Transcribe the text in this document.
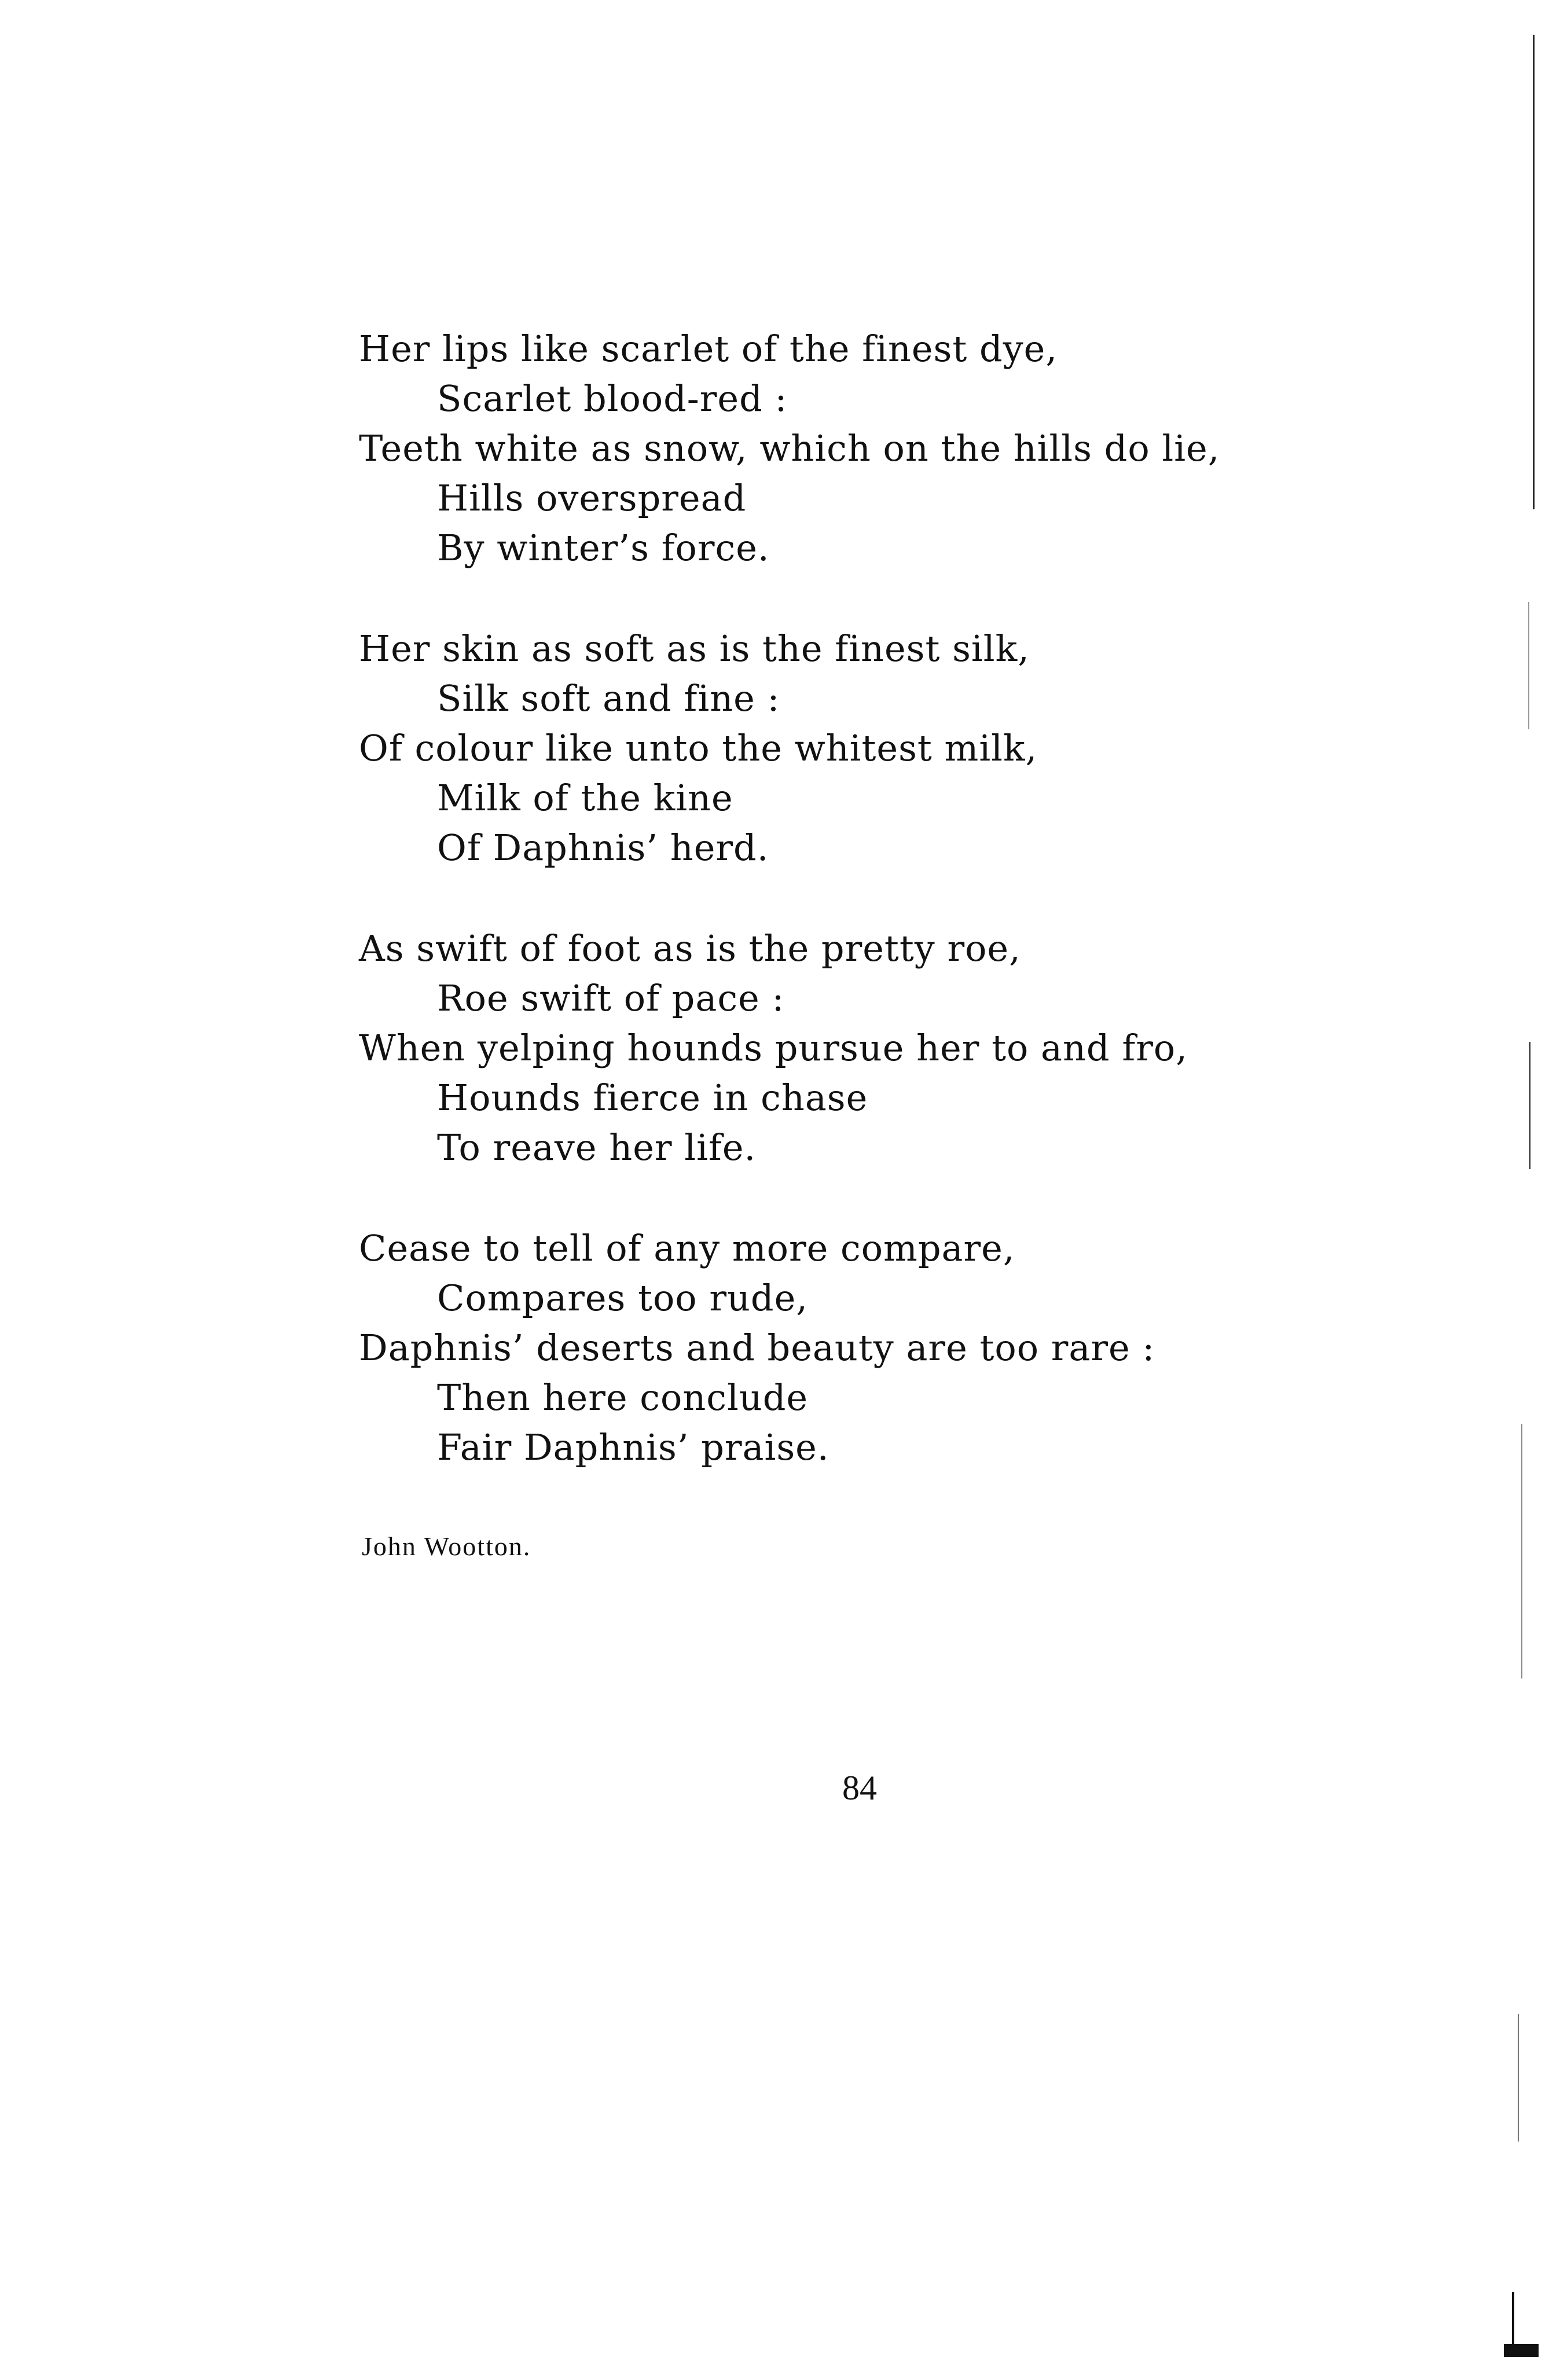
Her lips like scarlet of the finest dye,
Scarlet blood-red :
Teeth white as snow, which on the hills do lie,
Hills overspread
By winter’s force.
Her skin as soft as is the finest silk,
Silk soft and fine :
Of colour like unto the whitest milk,
Milk of the kine
Of Daphnis’ herd.
As swift of foot as is the pretty roe,
Roe swift of pace :
When yelping hounds pursue her to and fro,
Hounds fierce in chase
To reave her life.
Cease to tell of any more compare,
Compares too rude,
Daphnis’ deserts and beauty are too rare :
Then here conclude
Fair Daphnis’ praise.
John Wootton.
84
